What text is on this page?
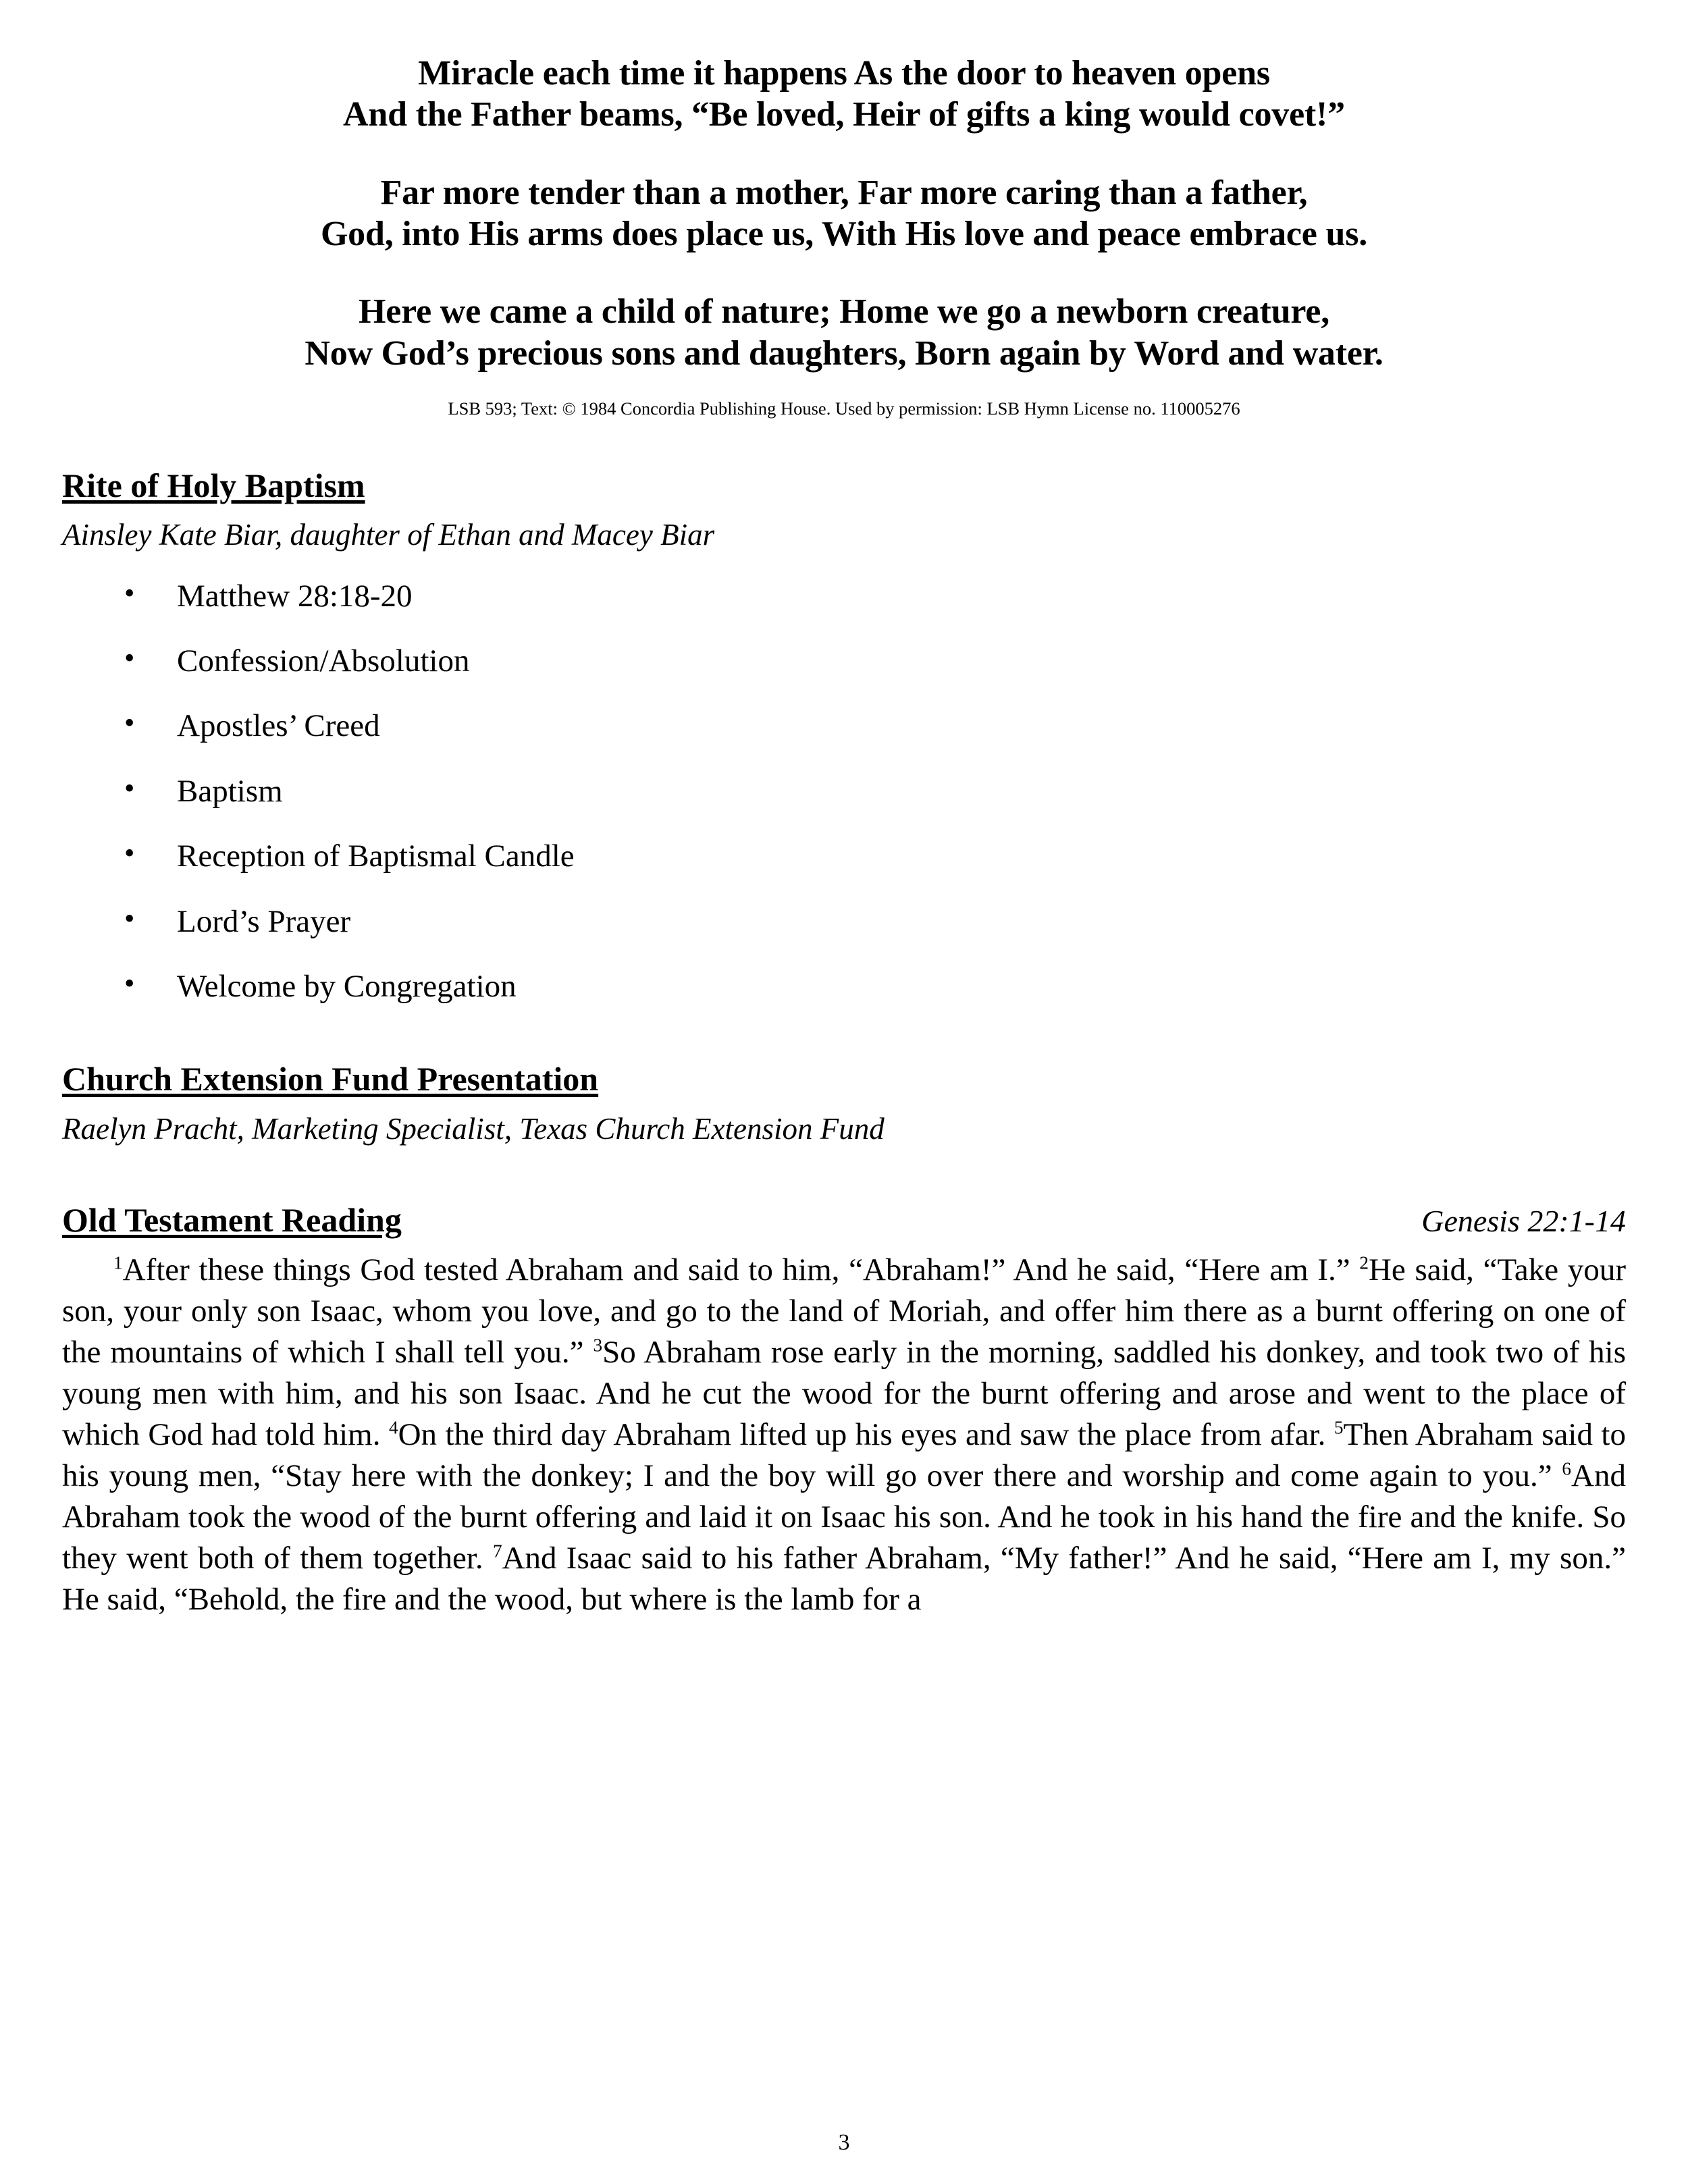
Miracle each time it happens As the door to heaven opens
And the Father beams, “Be loved, Heir of gifts a king would covet!”
Far more tender than a mother, Far more caring than a father,
God, into His arms does place us, With His love and peace embrace us.
Here we came a child of nature; Home we go a newborn creature,
Now God’s precious sons and daughters, Born again by Word and water.
LSB 593; Text: © 1984 Concordia Publishing House. Used by permission: LSB Hymn License no. 110005276
Rite of Holy Baptism
Ainsley Kate Biar, daughter of Ethan and Macey Biar
• Matthew 28:18-20
• Confession/Absolution
• Apostles’ Creed
• Baptism
• Reception of Baptismal Candle
• Lord’s Prayer
• Welcome by Congregation
Church Extension Fund Presentation
Raelyn Pracht, Marketing Specialist, Texas Church Extension Fund
Old Testament Reading	Genesis 22:1-14

$^1$After these things God tested Abraham and said to him, “Abraham!” And he said, “Here am I.” $^2$He said, “Take your son, your only son Isaac, whom you love, and go to the land of Moriah, and offer him there as a burnt offering on one of the mountains of which I shall tell you.” $^3$So Abraham rose early in the morning, saddled his donkey, and took two of his young men with him, and his son Isaac. And he cut the wood for the burnt offering and arose and went to the place of which God had told him. $^4$On the third day Abraham lifted up his eyes and saw the place from afar. $^5$Then Abraham said to his young men, “Stay here with the donkey; I and the boy will go over there and worship and come again to you.” $^6$And Abraham took the wood of the burnt offering and laid it on Isaac his son. And he took in his hand the fire and the knife. So they went both of them together. $^7$And Isaac said to his father Abraham, “My father!” And he said, “Here am I, my son.” He said, “Behold, the fire and the wood, but where is the lamb for a

3
